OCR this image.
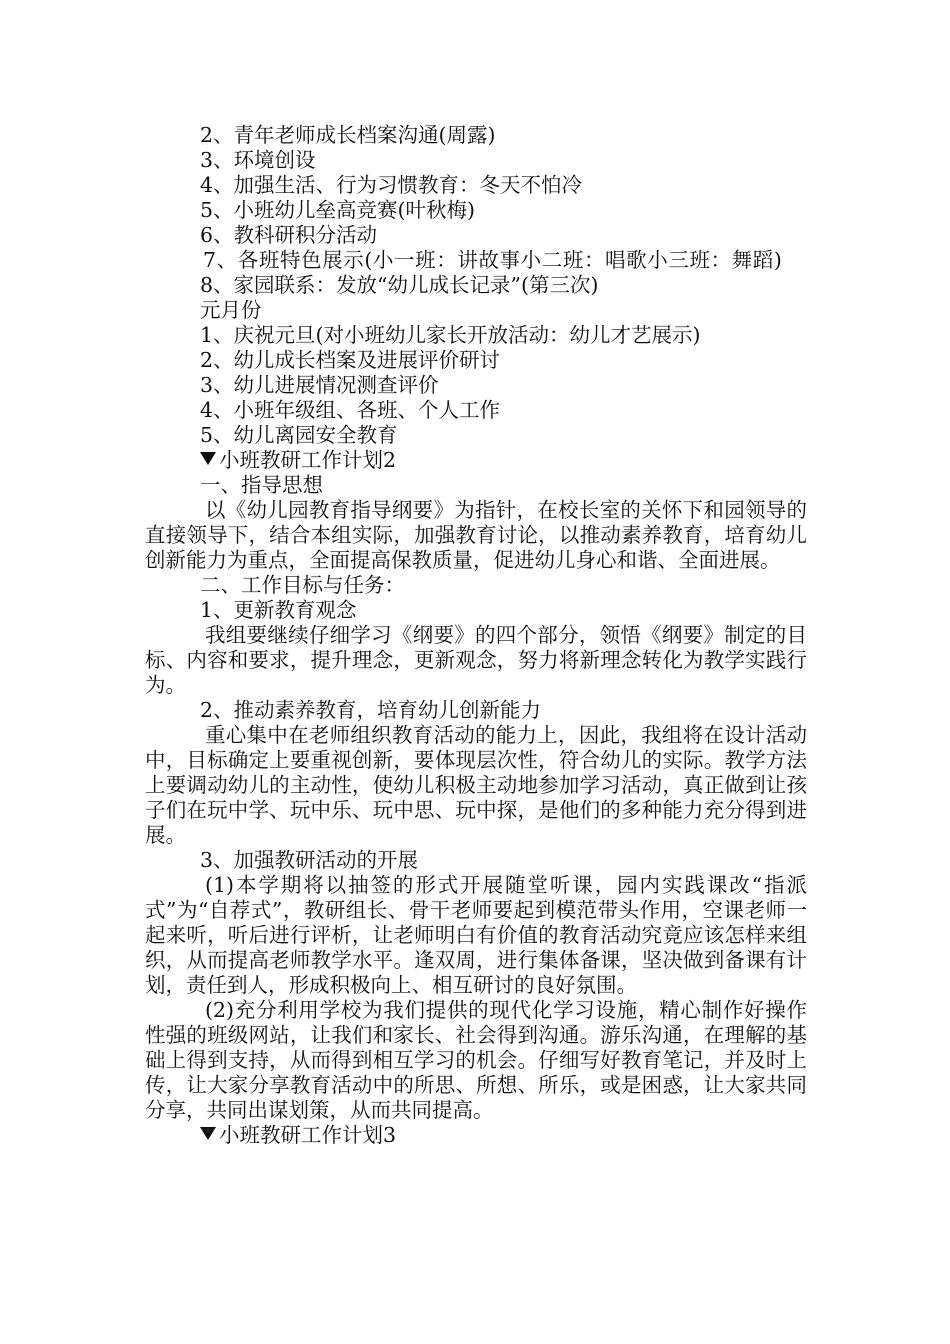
2、青年老师成长档案沟通(周露)

3、环境创设

4、加强生活、行为习惯教育：冬天不怕冷

5、小班幼儿垒高竞赛(叶秋梅)

6、教科研积分活动

7、各班特色展示(小一班：讲故事小二班：唱歌小三班：舞蹈)

8、家园联系：发放“幼儿成长记录”(第三次)

元月份

1、庆祝元旦(对小班幼儿家长开放活动：幼儿才艺展示)

2、幼儿成长档案及进展评价研讨

3、幼儿进展情况测查评价

4、小班年级组、各班、个人工作

5、幼儿离园安全教育

小班教研工作计划2

一、指导思想

以《幼儿园教育指导纲要》为指针，在校长室的关怀下和园领导的直接领导下，结合本组实际，加强教育讨论，以推动素养教育，培育幼儿创新能力为重点，全面提高保教质量，促进幼儿身心和谐、全面进展。

二、工作目标与任务：

1、更新教育观念

我组要继续仔细学习《纲要》的四个部分，领悟《纲要》制定的目标、内容和要求，提升理念，更新观念，努力将新理念转化为教学实践行为。

2、推动素养教育，培育幼儿创新能力

重心集中在老师组织教育活动的能力上，因此，我组将在设计活动中，目标确定上要重视创新，要体现层次性，符合幼儿的实际。教学方法上要调动幼儿的主动性，使幼儿积极主动地参加学习活动，真正做到让孩子们在玩中学、玩中乐、玩中思、玩中探，是他们的多种能力充分得到进展。

3、加强教研活动的开展

(1)本学期将以抽签的形式开展随堂听课，园内实践课改“指派式”为“自荐式”，教研组长、骨干老师要起到模范带头作用，空课老师一起来听，听后进行评析，让老师明白有价值的教育活动究竟应该怎样来组织，从而提高老师教学水平。逢双周，进行集体备课，坚决做到备课有计划，责任到人，形成积极向上、相互研讨的良好氛围。

(2)充分利用学校为我们提供的现代化学习设施，精心制作好操作性强的班级网站，让我们和家长、社会得到沟通。游乐沟通，在理解的基础上得到支持，从而得到相互学习的机会。仔细写好教育笔记，并及时上传，让大家分享教育活动中的所思、所想、所乐，或是困惑，让大家共同分享，共同出谋划策，从而共同提高。

小班教研工作计划3
